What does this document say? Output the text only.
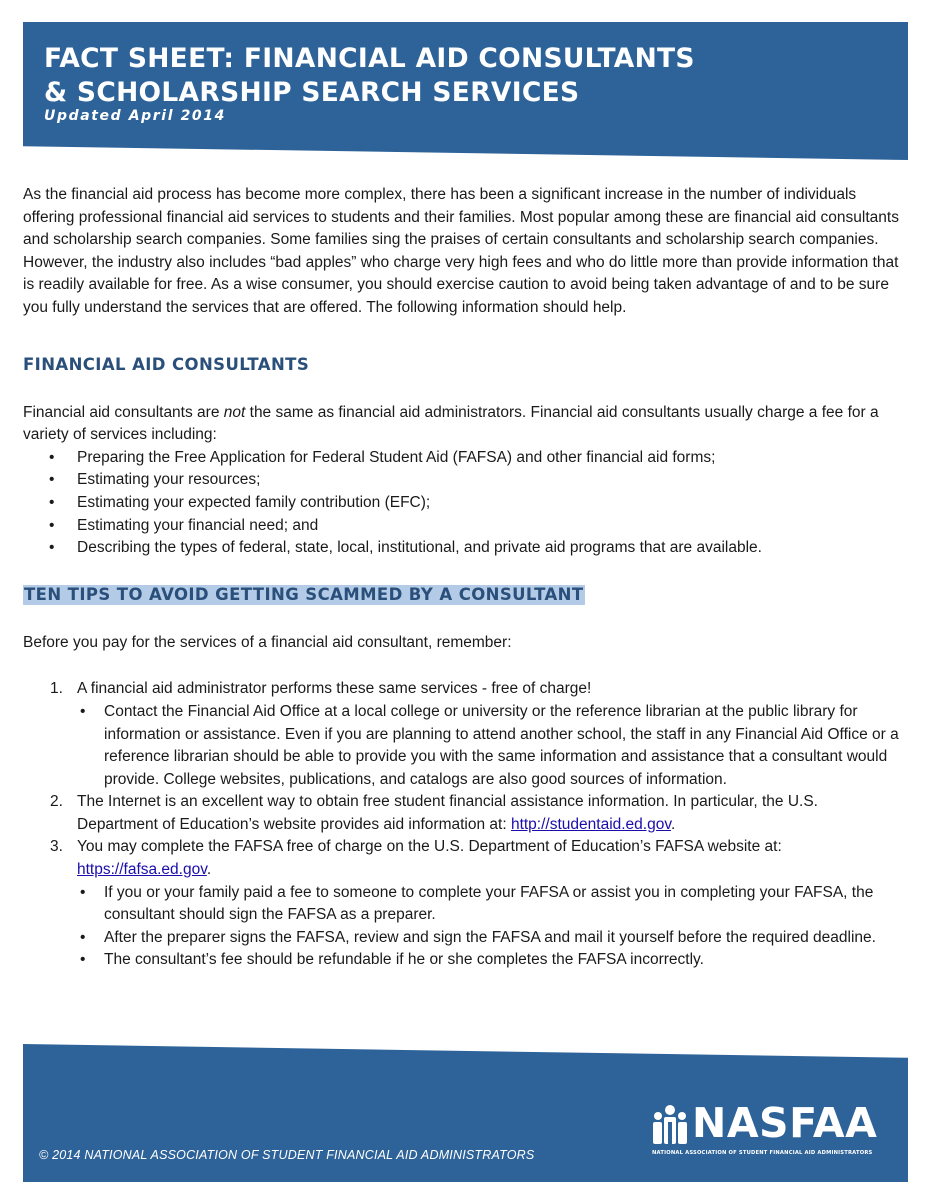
FACT SHEET: FINANCIAL AID CONSULTANTS
& SCHOLARSHIP SEARCH SERVICES
Updated April 2014

As the financial aid process has become more complex, there has been a significant increase in the number of individuals offering professional financial aid services to students and their families. Most popular among these are financial aid consultants and scholarship search companies. Some families sing the praises of certain consultants and scholarship search companies. However, the industry also includes “bad apples” who charge very high fees and who do little more than provide information that is readily available for free. As a wise consumer, you should exercise caution to avoid being taken advantage of and to be sure you fully understand the services that are offered. The following information should help.

FINANCIAL AID CONSULTANTS

Financial aid consultants are not the same as financial aid administrators. Financial aid consultants usually charge a fee for a variety of services including:

• Preparing the Free Application for Federal Student Aid (FAFSA) and other financial aid forms;
• Estimating your resources;
• Estimating your expected family contribution (EFC);
• Estimating your financial need; and
• Describing the types of federal, state, local, institutional, and private aid programs that are available.
TEN TIPS TO AVOID GETTING SCAMMED BY A CONSULTANT

Before you pay for the services of a financial aid consultant, remember:

1. A financial aid administrator performs these same services - free of charge!
• Contact the Financial Aid Office at a local college or university or the reference librarian at the public library for information or assistance. Even if you are planning to attend another school, the staff in any Financial Aid Office or a reference librarian should be able to provide you with the same information and assistance that a consultant would provide. College websites, publications, and catalogs are also good sources of information.
2. The Internet is an excellent way to obtain free student financial assistance information. In particular, the U.S. Department of Education’s website provides aid information at: http://studentaid.ed.gov.
3. You may complete the FAFSA free of charge on the U.S. Department of Education’s FAFSA website at: https://fafsa.ed.gov.
• If you or your family paid a fee to someone to complete your FAFSA or assist you in completing your FAFSA, the consultant should sign the FAFSA as a preparer.
• After the preparer signs the FAFSA, review and sign the FAFSA and mail it yourself before the required deadline.
• The consultant’s fee should be refundable if he or she completes the FAFSA incorrectly.
© 2014 NATIONAL ASSOCIATION OF STUDENT FINANCIAL AID ADMINISTRATORS
NASFAA
NATIONAL ASSOCIATION OF STUDENT FINANCIAL AID ADMINISTRATORS
